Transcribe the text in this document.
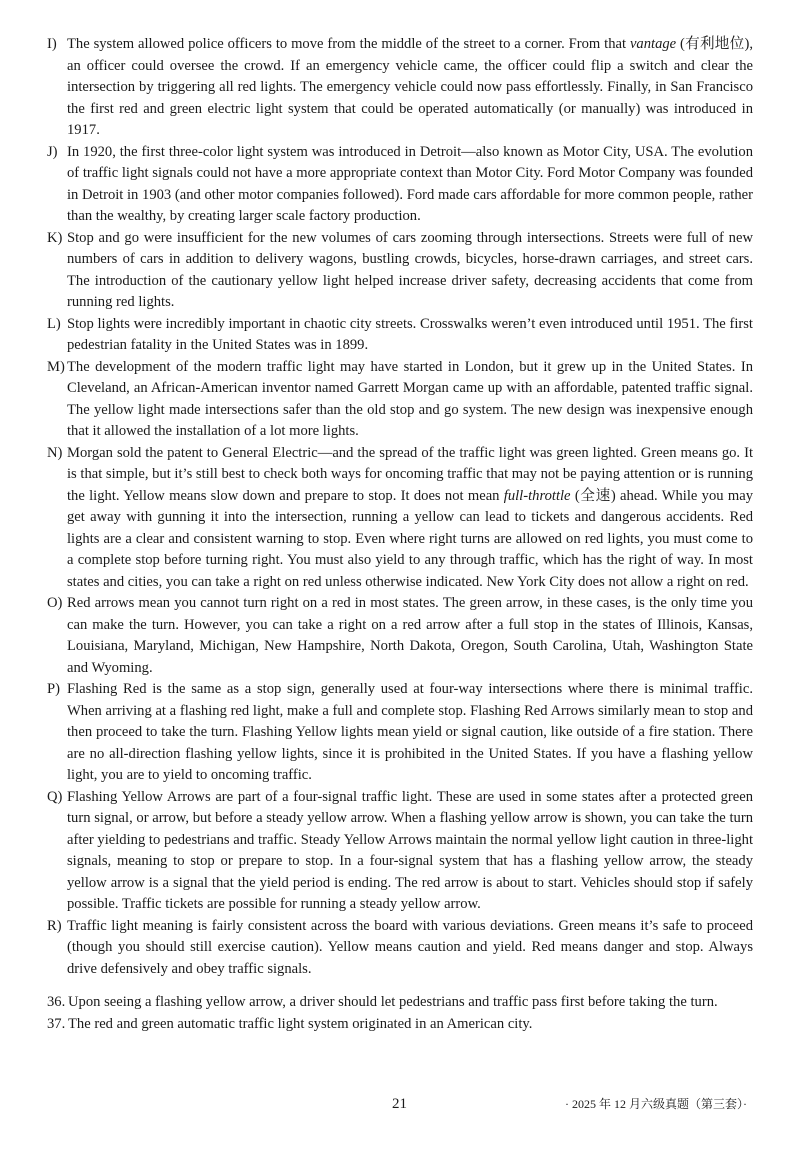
I) The system allowed police officers to move from the middle of the street to a corner. From that vantage (有利地位), an officer could oversee the crowd. If an emergency vehicle came, the officer could flip a switch and clear the intersection by triggering all red lights. The emergency vehicle could now pass effortlessly. Finally, in San Francisco the first red and green electric light system that could be operated automatically (or manually) was introduced in 1917.
J) In 1920, the first three-color light system was introduced in Detroit—also known as Motor City, USA. The evolution of traffic light signals could not have a more appropriate context than Motor City. Ford Motor Company was founded in Detroit in 1903 (and other motor companies followed). Ford made cars affordable for more common people, rather than the wealthy, by creating larger scale factory production.
K) Stop and go were insufficient for the new volumes of cars zooming through intersections. Streets were full of new numbers of cars in addition to delivery wagons, bustling crowds, bicycles, horse-drawn carriages, and street cars. The introduction of the cautionary yellow light helped increase driver safety, decreasing accidents that come from running red lights.
L) Stop lights were incredibly important in chaotic city streets. Crosswalks weren’t even introduced until 1951. The first pedestrian fatality in the United States was in 1899.
M) The development of the modern traffic light may have started in London, but it grew up in the United States. In Cleveland, an African-American inventor named Garrett Morgan came up with an affordable, patented traffic signal. The yellow light made intersections safer than the old stop and go system. The new design was inexpensive enough that it allowed the installation of a lot more lights.
N) Morgan sold the patent to General Electric—and the spread of the traffic light was green lighted. Green means go. It is that simple, but it’s still best to check both ways for oncoming traffic that may not be paying attention or is running the light. Yellow means slow down and prepare to stop. It does not mean full-throttle (全速) ahead. While you may get away with gunning it into the intersection, running a yellow can lead to tickets and dangerous accidents. Red lights are a clear and consistent warning to stop. Even where right turns are allowed on red lights, you must come to a complete stop before turning right. You must also yield to any through traffic, which has the right of way. In most states and cities, you can take a right on red unless otherwise indicated. New York City does not allow a right on red.
O) Red arrows mean you cannot turn right on a red in most states. The green arrow, in these cases, is the only time you can make the turn. However, you can take a right on a red arrow after a full stop in the states of Illinois, Kansas, Louisiana, Maryland, Michigan, New Hampshire, North Dakota, Oregon, South Carolina, Utah, Washington State and Wyoming.
P) Flashing Red is the same as a stop sign, generally used at four-way intersections where there is minimal traffic. When arriving at a flashing red light, make a full and complete stop. Flashing Red Arrows similarly mean to stop and then proceed to take the turn. Flashing Yellow lights mean yield or signal caution, like outside of a fire station. There are no all-direction flashing yellow lights, since it is prohibited in the United States. If you have a flashing yellow light, you are to yield to oncoming traffic.
Q) Flashing Yellow Arrows are part of a four-signal traffic light. These are used in some states after a protected green turn signal, or arrow, but before a steady yellow arrow. When a flashing yellow arrow is shown, you can take the turn after yielding to pedestrians and traffic. Steady Yellow Arrows maintain the normal yellow light caution in three-light signals, meaning to stop or prepare to stop. In a four-signal system that has a flashing yellow arrow, the steady yellow arrow is a signal that the yield period is ending. The red arrow is about to start. Vehicles should stop if safely possible. Traffic tickets are possible for running a steady yellow arrow.
R) Traffic light meaning is fairly consistent across the board with various deviations. Green means it’s safe to proceed (though you should still exercise caution). Yellow means caution and yield. Red means danger and stop. Always drive defensively and obey traffic signals.
36. Upon seeing a flashing yellow arrow, a driver should let pedestrians and traffic pass first before taking the turn.
37. The red and green automatic traffic light system originated in an American city.
21	· 2025 年 12 月六级真题（第三套）·
